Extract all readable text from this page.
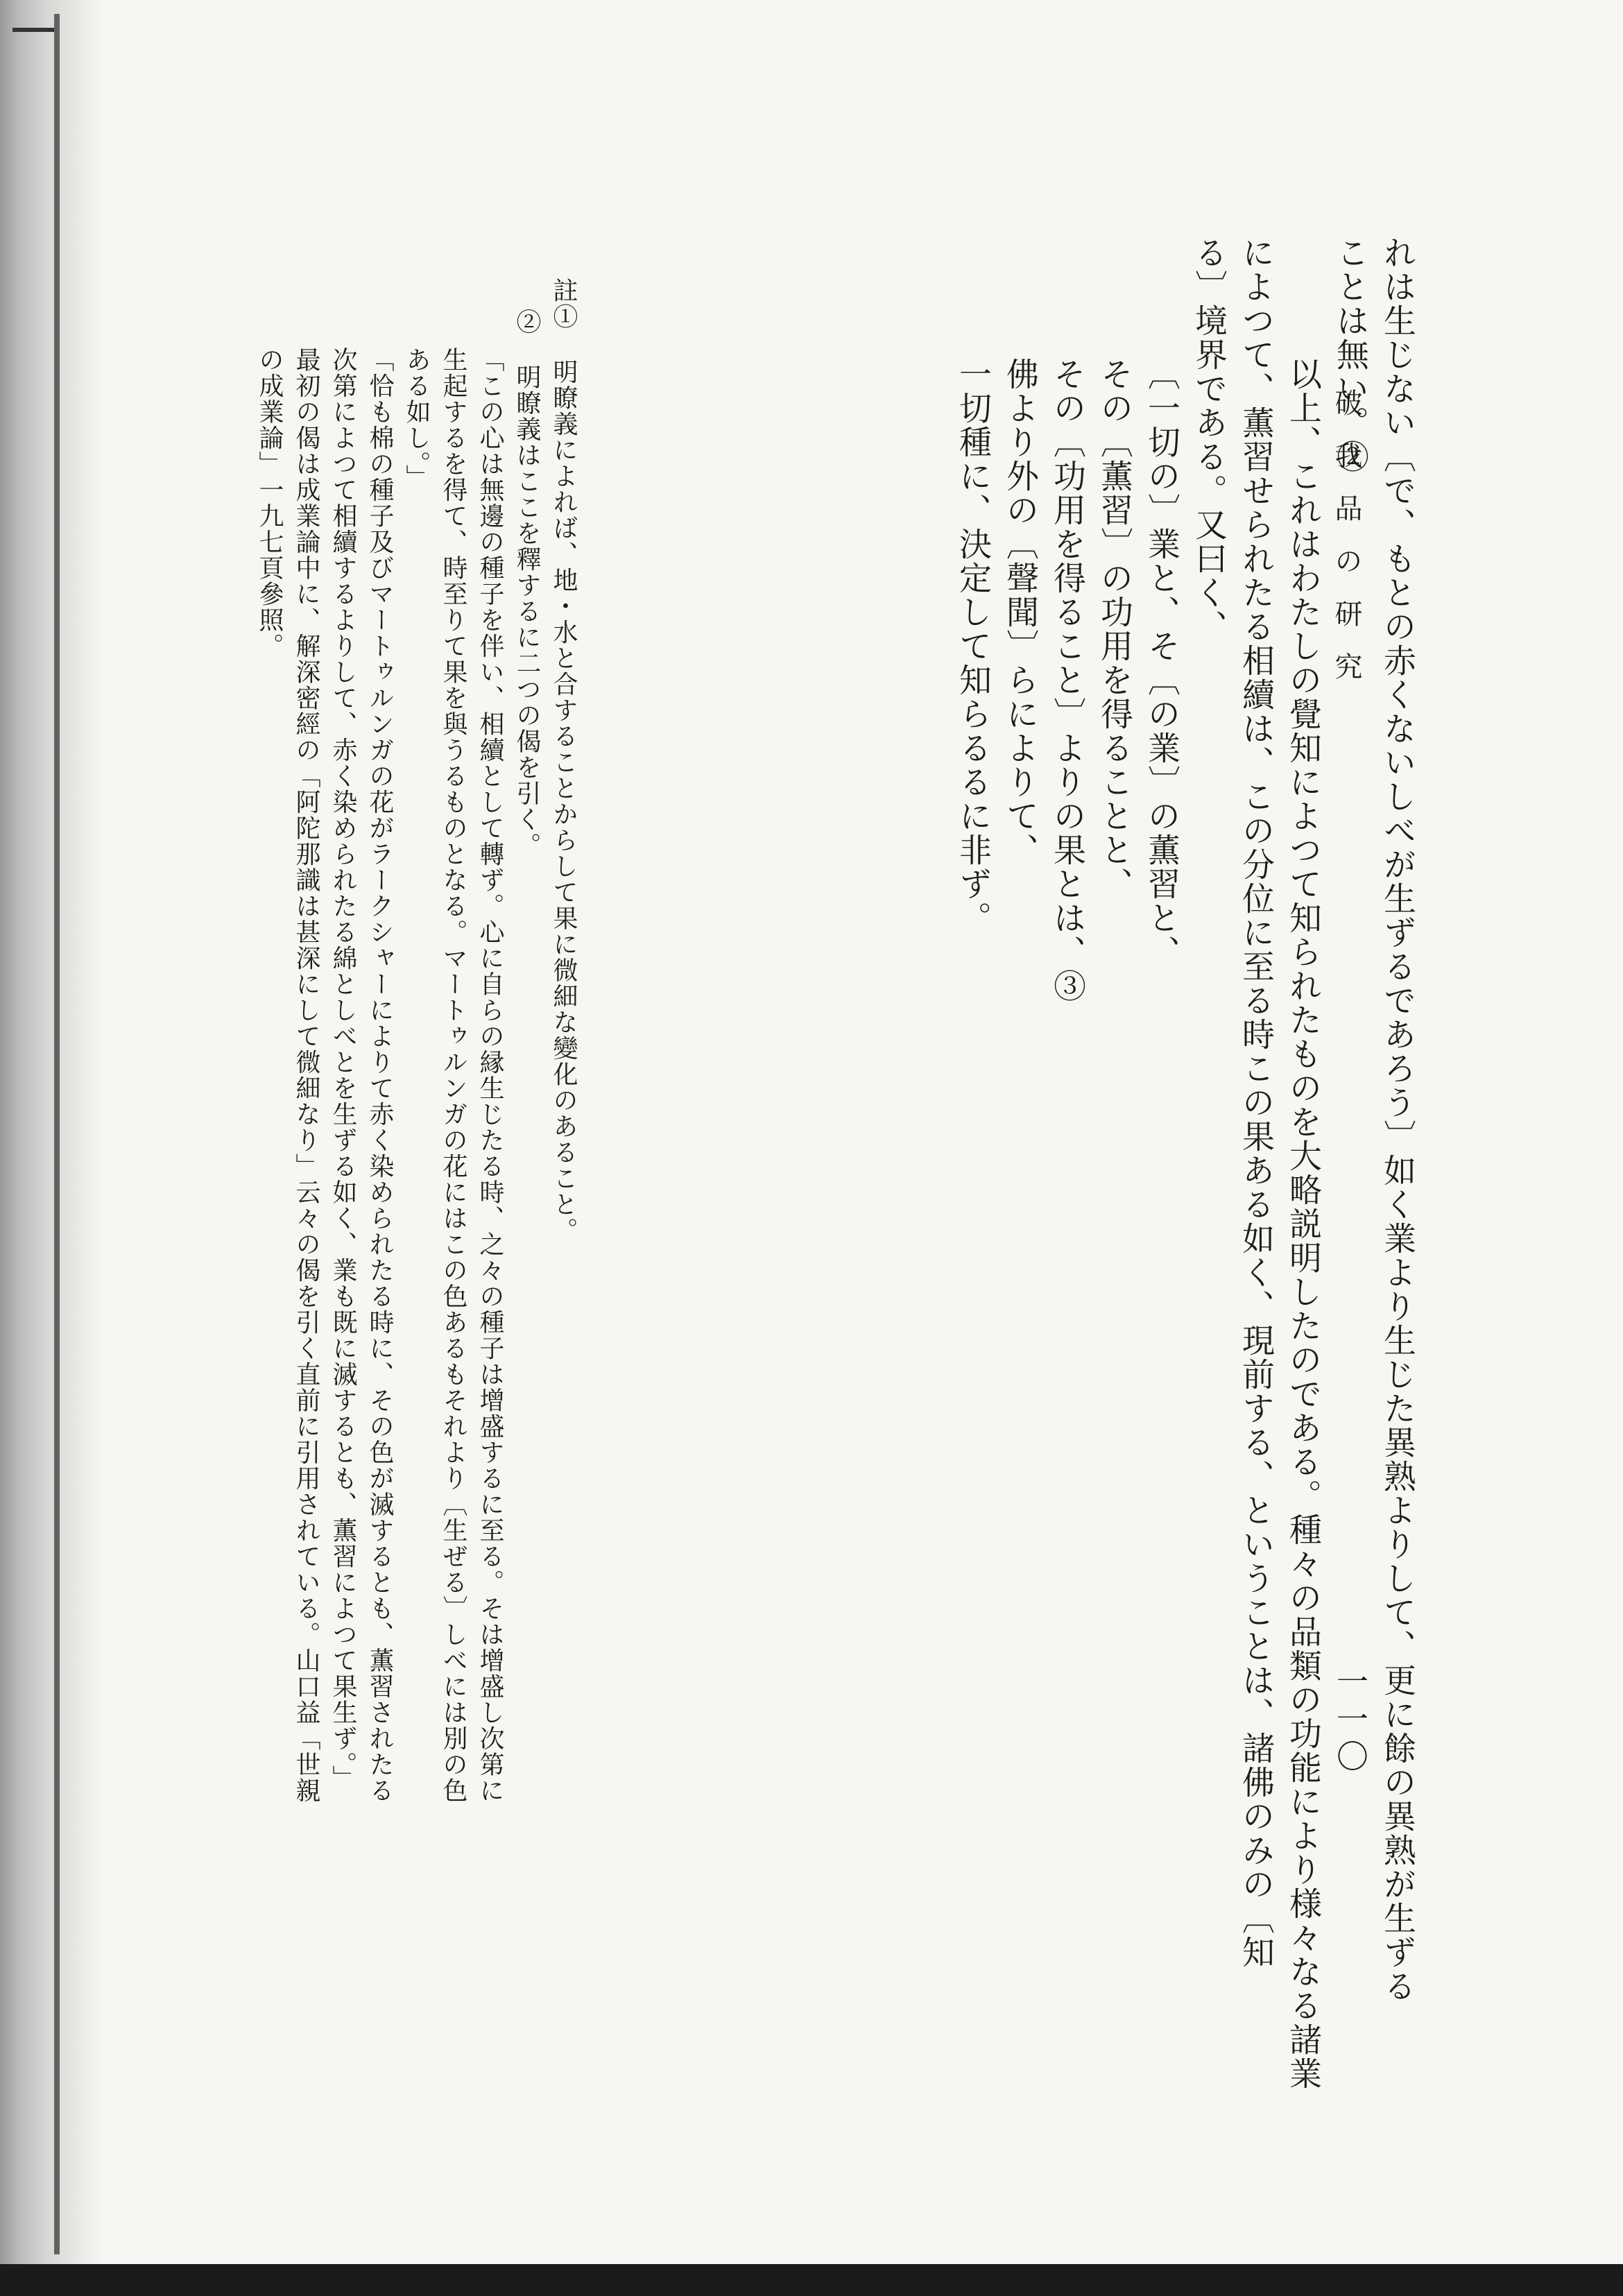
破我品の研究
一一〇 れは生じない〔で、もとの赤くないしべが生ずるであろう〕如く業より生じた異熟よりして、更に餘の異熟が生ずる
ことは無い。②
以上、これはわたしの覺知によつて知られたものを大略説明したのである。種々の品類の功能により様々なる諸業
によつて、薫習せられたる相續は、この分位に至る時この果ある如く、現前する、ということは、諸佛のみの〔知
る〕境界である。又曰く、
〔一切の〕業と、そ〔の業〕の薫習と、
その〔薫習〕の功用を得ることと、
その〔功用を得ること〕よりの果とは、③
佛より外の〔聲聞〕らによりて、
一切種に、決定して知らるるに非ず。
註① 明瞭義によれば、地・水と合することからして果に微細な變化のあること。
② 明瞭義はここを釋するに二つの偈を引く。
「この心は無邊の種子を伴い、相續として轉ず。心に自らの縁生じたる時、之々の種子は增盛するに至る。そは增盛し次第に
生起するを得て、時至りて果を與うるものとなる。マートゥルンガの花にはこの色あるもそれより〔生ぜる〕しべには別の色
ある如し。」
「恰も棉の種子及びマートゥルンガの花がラークシャーによりて赤く染められたる時に、その色が滅するとも、薫習されたる
次第によつて相續するよりして、赤く染められたる綿としべとを生ずる如く、業も既に滅するとも、薫習によつて果生ず。」
最初の偈は成業論中に、解深密經の「阿陀那識は甚深にして微細なり」云々の偈を引く直前に引用されている。山口益「世親
の成業論」一九七頁參照。
